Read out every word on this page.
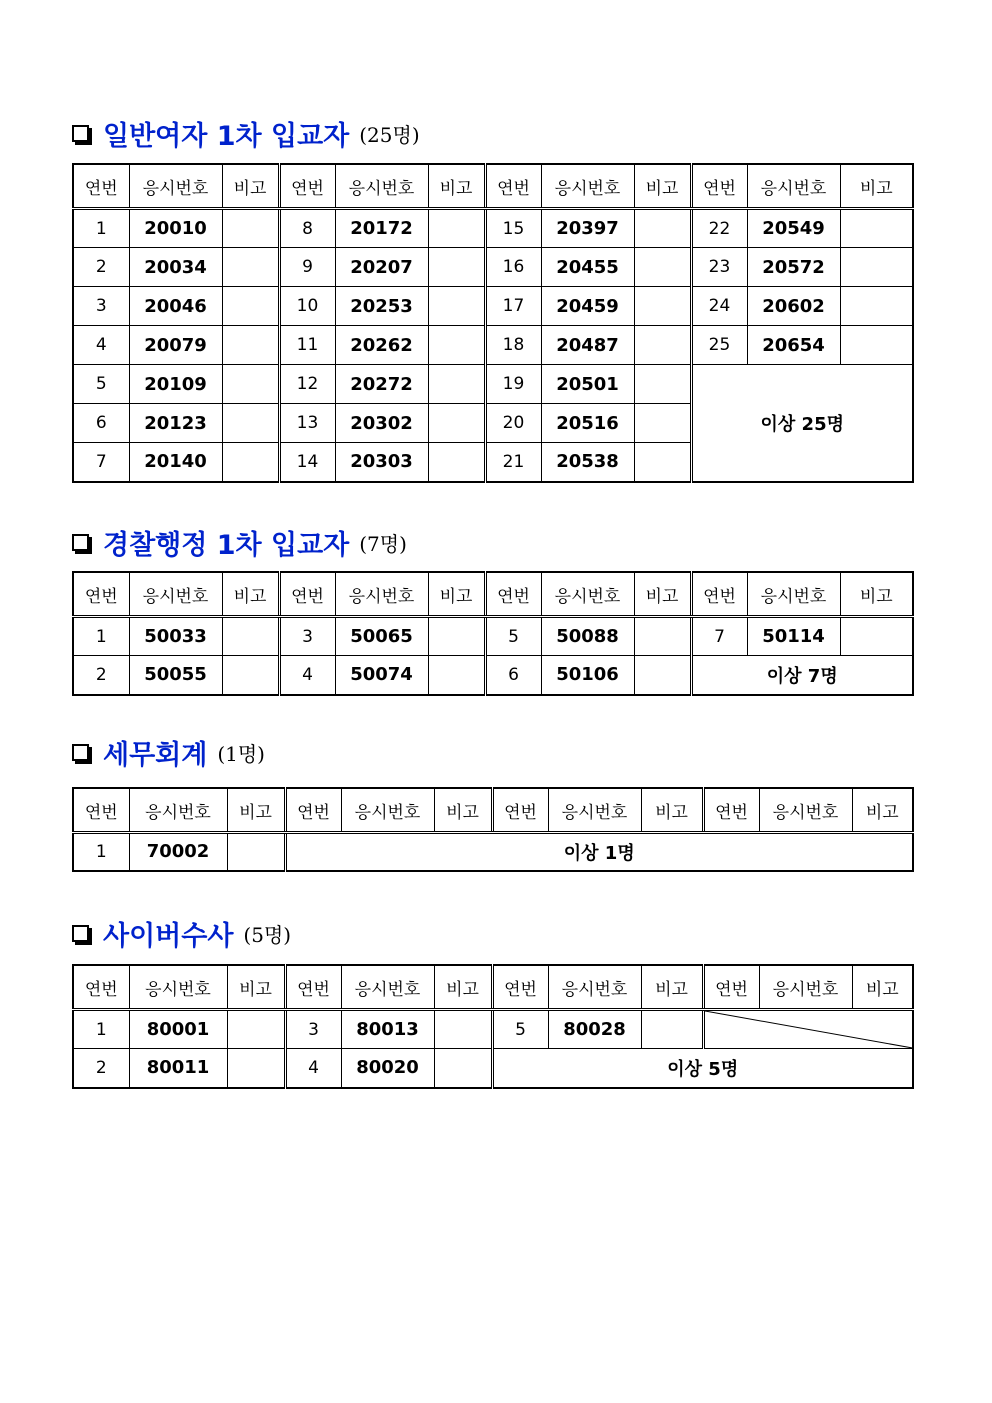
일반여자 1차 입교자 (25명)
연번	응시번호	비고	연번	응시번호	비고	연번	응시번호	비고	연번	응시번호	비고
1	20010		8	20172		15	20397		22	20549	
2	20034		9	20207		16	20455		23	20572	
3	20046		10	20253		17	20459		24	20602	
4	20079		11	20262		18	20487		25	20654	
5	20109		12	20272		19	20501		이상 25명		
6	20123		13	20302		20	20516				
7	20140		14	20303		21	20538				
경찰행정 1차 입교자 (7명)
연번	응시번호	비고	연번	응시번호	비고	연번	응시번호	비고	연번	응시번호	비고
1	50033		3	50065		5	50088		7	50114	
2	50055		4	50074		6	50106		이상 7명		
세무회계 (1명)
연번	응시번호	비고	연번	응시번호	비고	연번	응시번호	비고	연번	응시번호	비고
1	70002		이상 1명								
사이버수사 (5명)
연번	응시번호	비고	연번	응시번호	비고	연번	응시번호	비고	연번	응시번호	비고
1	80001		3	80013		5	80028		

2	80011		4	80020		이상 5명					
